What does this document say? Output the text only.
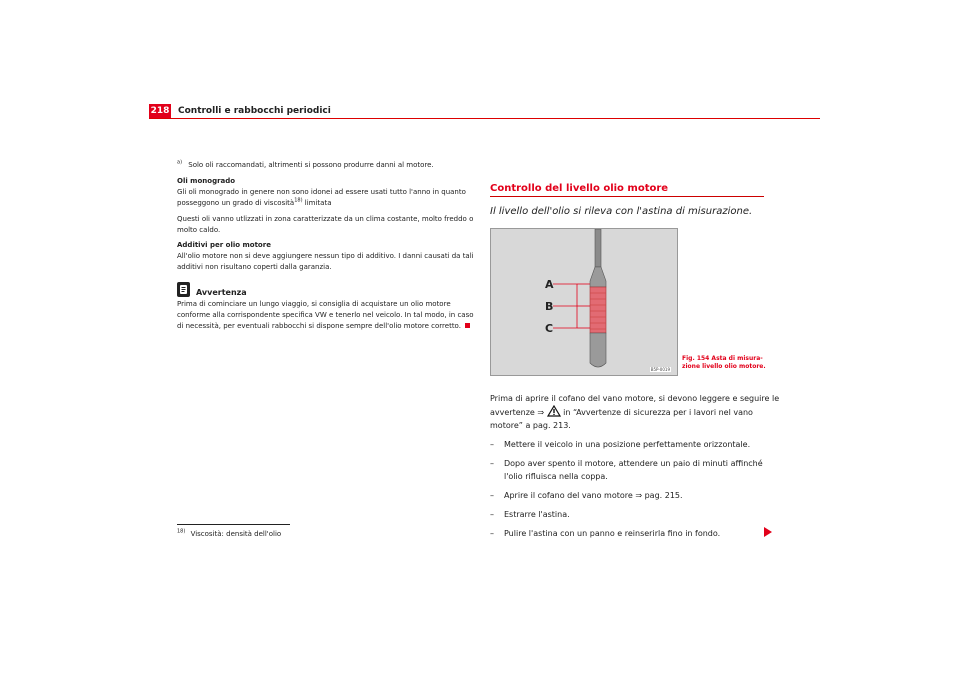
218 Controlli e rabbocchi periodici

$^{a)}$ Solo oli raccomandati, altrimenti si possono produrre danni al motore.

Oli monogrado

Gli oli monogrado in genere non sono idonei ad essere usati tutto l'anno in quanto posseggono un grado di viscosità$^{18)}$ limitata

Questi oli vanno utlizzati in zona caratterizzate da un clima costante, molto freddo o molto caldo.

Additivi per olio motore

All'olio motore non si deve aggiungere nessun tipo di additivo. I danni causati da tali additivi non risultano coperti dalla garanzia.

Avvertenza

Prima di cominciare un lungo viaggio, si consiglia di acquistare un olio motore conforme alla corrispondente specifica VW e tenerlo nel veicolo. In tal modo, in caso di necessità, per eventuali rabbocchi si dispone sempre dell'olio motore corretto.

$^{18)}$ Viscosità: densità dell'olio
Controllo del livello olio motore
Il livello dell'olio si rileva con l'astina di misurazione.
A
B
C
B5P-0019
Fig. 154 Asta di misura-zione livello olio motore.

Prima di aprire il cofano del vano motore, si devono leggere e seguire le avvertenze ⇒ in “Avvertenze di sicurezza per i lavori nel vano motore” a pag. 213.

–	Mettere il veicolo in una posizione perfettamente orizzontale.
–	Dopo aver spento il motore, attendere un paio di minuti affinché l'olio rifluisca nella coppa.
–	Aprire il cofano del vano motore ⇒ pag. 215.
–	Estrarre l'astina.
–	Pulire l'astina con un panno e reinserirla fino in fondo.
